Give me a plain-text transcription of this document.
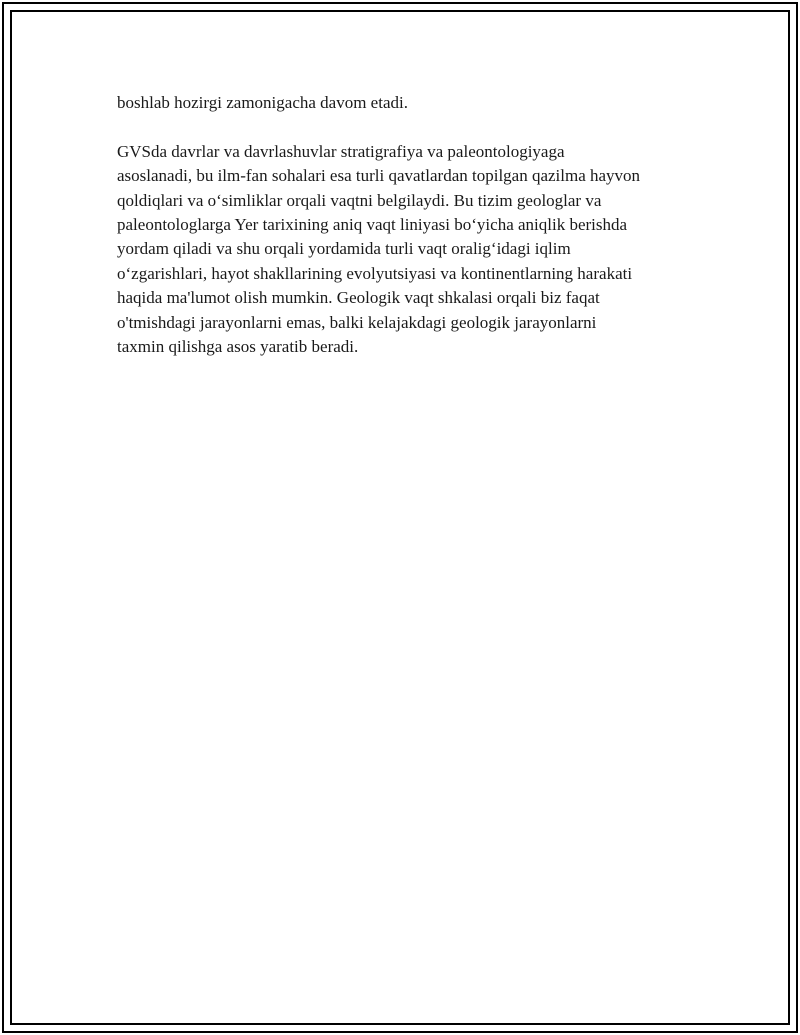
boshlab hozirgi zamonigacha davom etadi.

GVSda davrlar va davrlashuvlar stratigrafiya va paleontologiyaga
asoslanadi, bu ilm-fan sohalari esa turli qavatlardan topilgan qazilma hayvon
qoldiqlari va o‘simliklar orqali vaqtni belgilaydi. Bu tizim geologlar va
paleontologlarga Yer tarixining aniq vaqt liniyasi bo‘yicha aniqlik berishda
yordam qiladi va shu orqali yordamida turli vaqt oralig‘idagi iqlim
o‘zgarishlari, hayot shakllarining evolyutsiyasi va kontinentlarning harakati
haqida ma'lumot olish mumkin. Geologik vaqt shkalasi orqali biz faqat
o'tmishdagi jarayonlarni emas, balki kelajakdagi geologik jarayonlarni
taxmin qilishga asos yaratib beradi.
